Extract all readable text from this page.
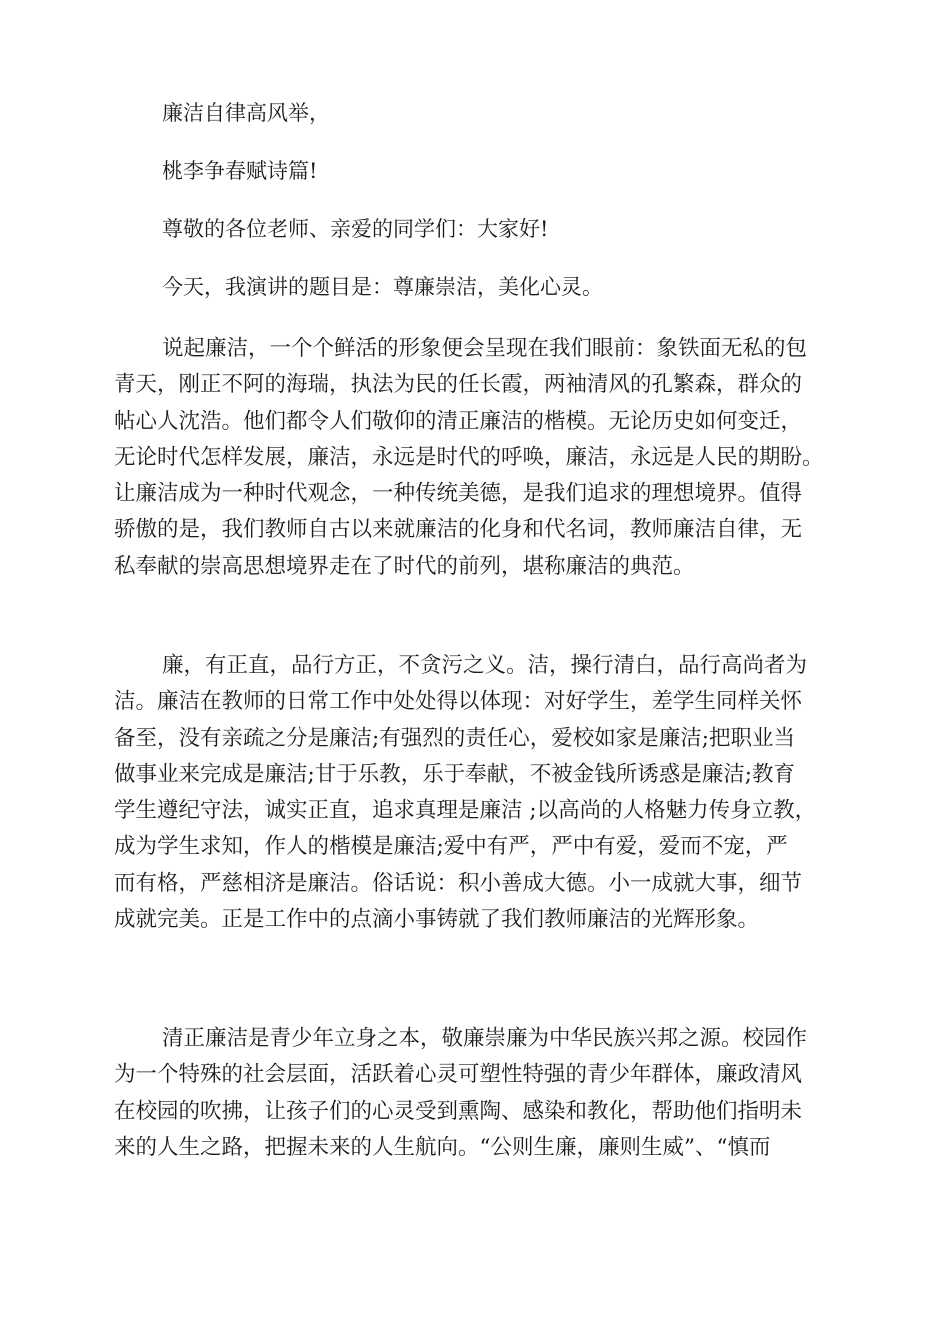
廉洁自律高风举，

桃李争春赋诗篇!

尊敬的各位老师、亲爱的同学们：大家好!

今天，我演讲的题目是：尊廉崇洁，美化心灵。

说起廉洁，一个个鲜活的形象便会呈现在我们眼前：象铁面无私的包
青天，刚正不阿的海瑞，执法为民的任长霞，两袖清风的孔繁森，群众的
帖心人沈浩。他们都令人们敬仰的清正廉洁的楷模。无论历史如何变迁，
无论时代怎样发展，廉洁，永远是时代的呼唤，廉洁，永远是人民的期盼。
让廉洁成为一种时代观念，一种传统美德，是我们追求的理想境界。值得
骄傲的是，我们教师自古以来就廉洁的化身和代名词，教师廉洁自律，无
私奉献的崇高思想境界走在了时代的前列，堪称廉洁的典范。
廉，有正直，品行方正，不贪污之义。洁，操行清白，品行高尚者为
洁。廉洁在教师的日常工作中处处得以体现：对好学生，差学生同样关怀
备至，没有亲疏之分是廉洁;有强烈的责任心，爱校如家是廉洁;把职业当
做事业来完成是廉洁;甘于乐教，乐于奉献，不被金钱所诱惑是廉洁;教育
学生遵纪守法，诚实正直，追求真理是廉洁 ;以高尚的人格魅力传身立教，
成为学生求知，作人的楷模是廉洁;爱中有严，严中有爱，爱而不宠，严
而有格，严慈相济是廉洁。俗话说：积小善成大德。小一成就大事，细节
成就完美。正是工作中的点滴小事铸就了我们教师廉洁的光辉形象。
清正廉洁是青少年立身之本，敬廉崇廉为中华民族兴邦之源。校园作
为一个特殊的社会层面，活跃着心灵可塑性特强的青少年群体，廉政清风
在校园的吹拂，让孩子们的心灵受到熏陶、感染和教化，帮助他们指明未
来的人生之路，把握未来的人生航向。“公则生廉，廉则生威”、“慎而
